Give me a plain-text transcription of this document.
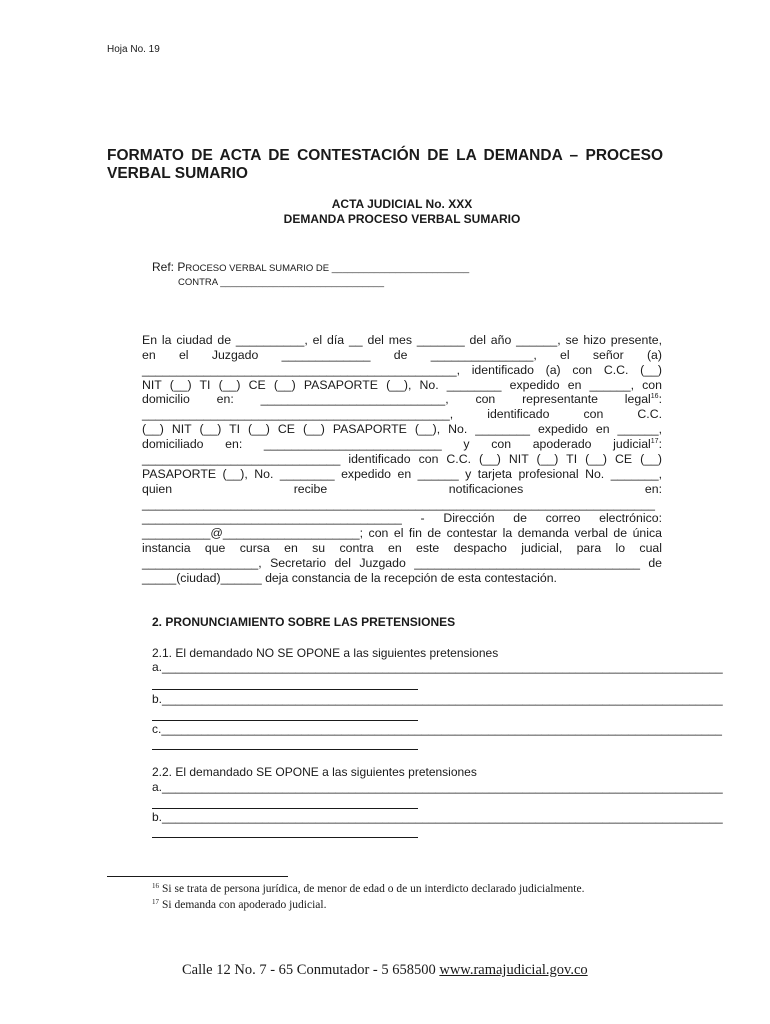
Hoja No. 19
FORMATO DE ACTA DE CONTESTACIÓN DE LA DEMANDA – PROCESO VERBAL SUMARIO
ACTA JUDICIAL No. XXX
DEMANDA PROCESO VERBAL SUMARIO
Ref: PROCESO VERBAL SUMARIO DE __________________________
CONTRA _______________________________
En la ciudad de __________, el día __ del mes _______ del año ______, se hizo presente,
en el Juzgado _____________ de _______________, el señor (a)
______________________________________________, identificado (a) con C.C. (__)
NIT (__) TI (__) CE (__) PASAPORTE (__), No. ________ expedido en ______, con
domicilio en: ___________________________, con representante legal$^{16}$:
_____________________________________________, identificado con C.C.
(__) NIT (__) TI (__) CE (__) PASAPORTE (__), No. ________ expedido en ______,
domiciliado en: __________________________ y con apoderado judicial$^{17}$:
_____________________________ identificado con C.C. (__) NIT (__) TI (__) CE (__)
PASAPORTE (__), No. ________ expedido en ______ y tarjeta profesional No. _______,
quien recibe notificaciones en:
___________________________________________________________________________
______________________________________ - Dirección de correo electrónico:
__________@____________________; con el fin de contestar la demanda verbal de única
instancia que cursa en su contra en este despacho judicial, para lo cual
_________________, Secretario del Juzgado _________________________________ de
_____(ciudad)______ deja constancia de la recepción de esta contestación.
2. PRONUNCIAMIENTO SOBRE LAS PRETENSIONES
2.1. El demandado NO SE OPONE a las siguientes pretensiones
a.____________________________________________________________________________________
b.____________________________________________________________________________________
c.____________________________________________________________________________________
2.2. El demandado SE OPONE a las siguientes pretensiones
a.____________________________________________________________________________________
b.____________________________________________________________________________________
$^{16}$ Si se trata de persona jurídica, de menor de edad o de un interdicto declarado judicialmente.
$^{17}$ Si demanda con apoderado judicial.
Calle 12 No. 7 - 65 Conmutador - 5 658500 www.ramajudicial.gov.co
